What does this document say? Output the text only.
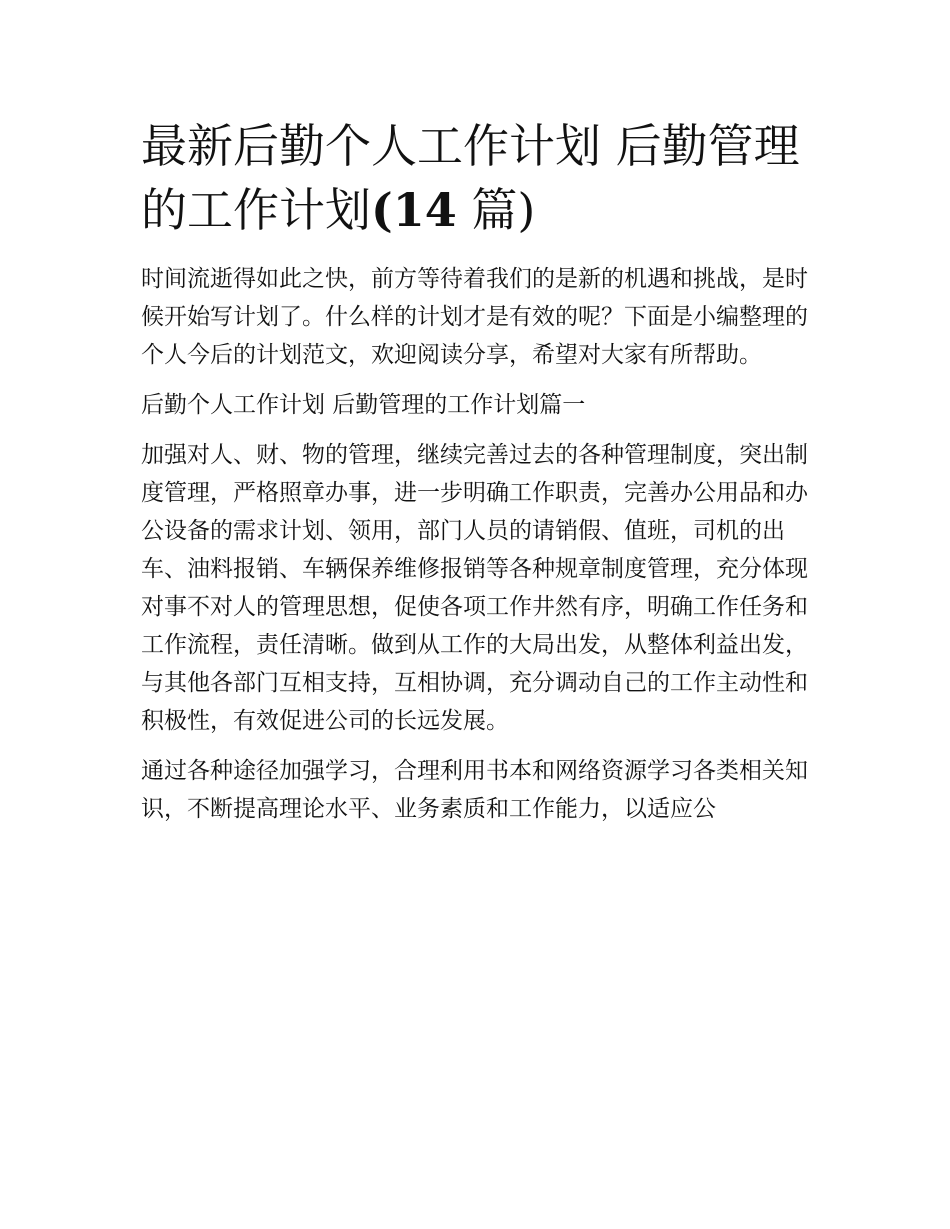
最新后勤个人工作计划 后勤管理的工作计划(14 篇)

时间流逝得如此之快，前方等待着我们的是新的机遇和挑战，是时候开始写计划了。什么样的计划才是有效的呢？下面是小编整理的个人今后的计划范文，欢迎阅读分享，希望对大家有所帮助。

后勤个人工作计划 后勤管理的工作计划篇一

加强对人、财、物的管理，继续完善过去的各种管理制度，突出制度管理，严格照章办事，进一步明确工作职责，完善办公用品和办公设备的需求计划、领用，部门人员的请销假、值班，司机的出车、油料报销、车辆保养维修报销等各种规章制度管理，充分体现对事不对人的管理思想，促使各项工作井然有序，明确工作任务和工作流程，责任清晰。做到从工作的大局出发，从整体利益出发，与其他各部门互相支持，互相协调，充分调动自己的工作主动性和积极性，有效促进公司的长远发展。

通过各种途径加强学习，合理利用书本和网络资源学习各类相关知识，不断提高理论水平、业务素质和工作能力，以适应公
